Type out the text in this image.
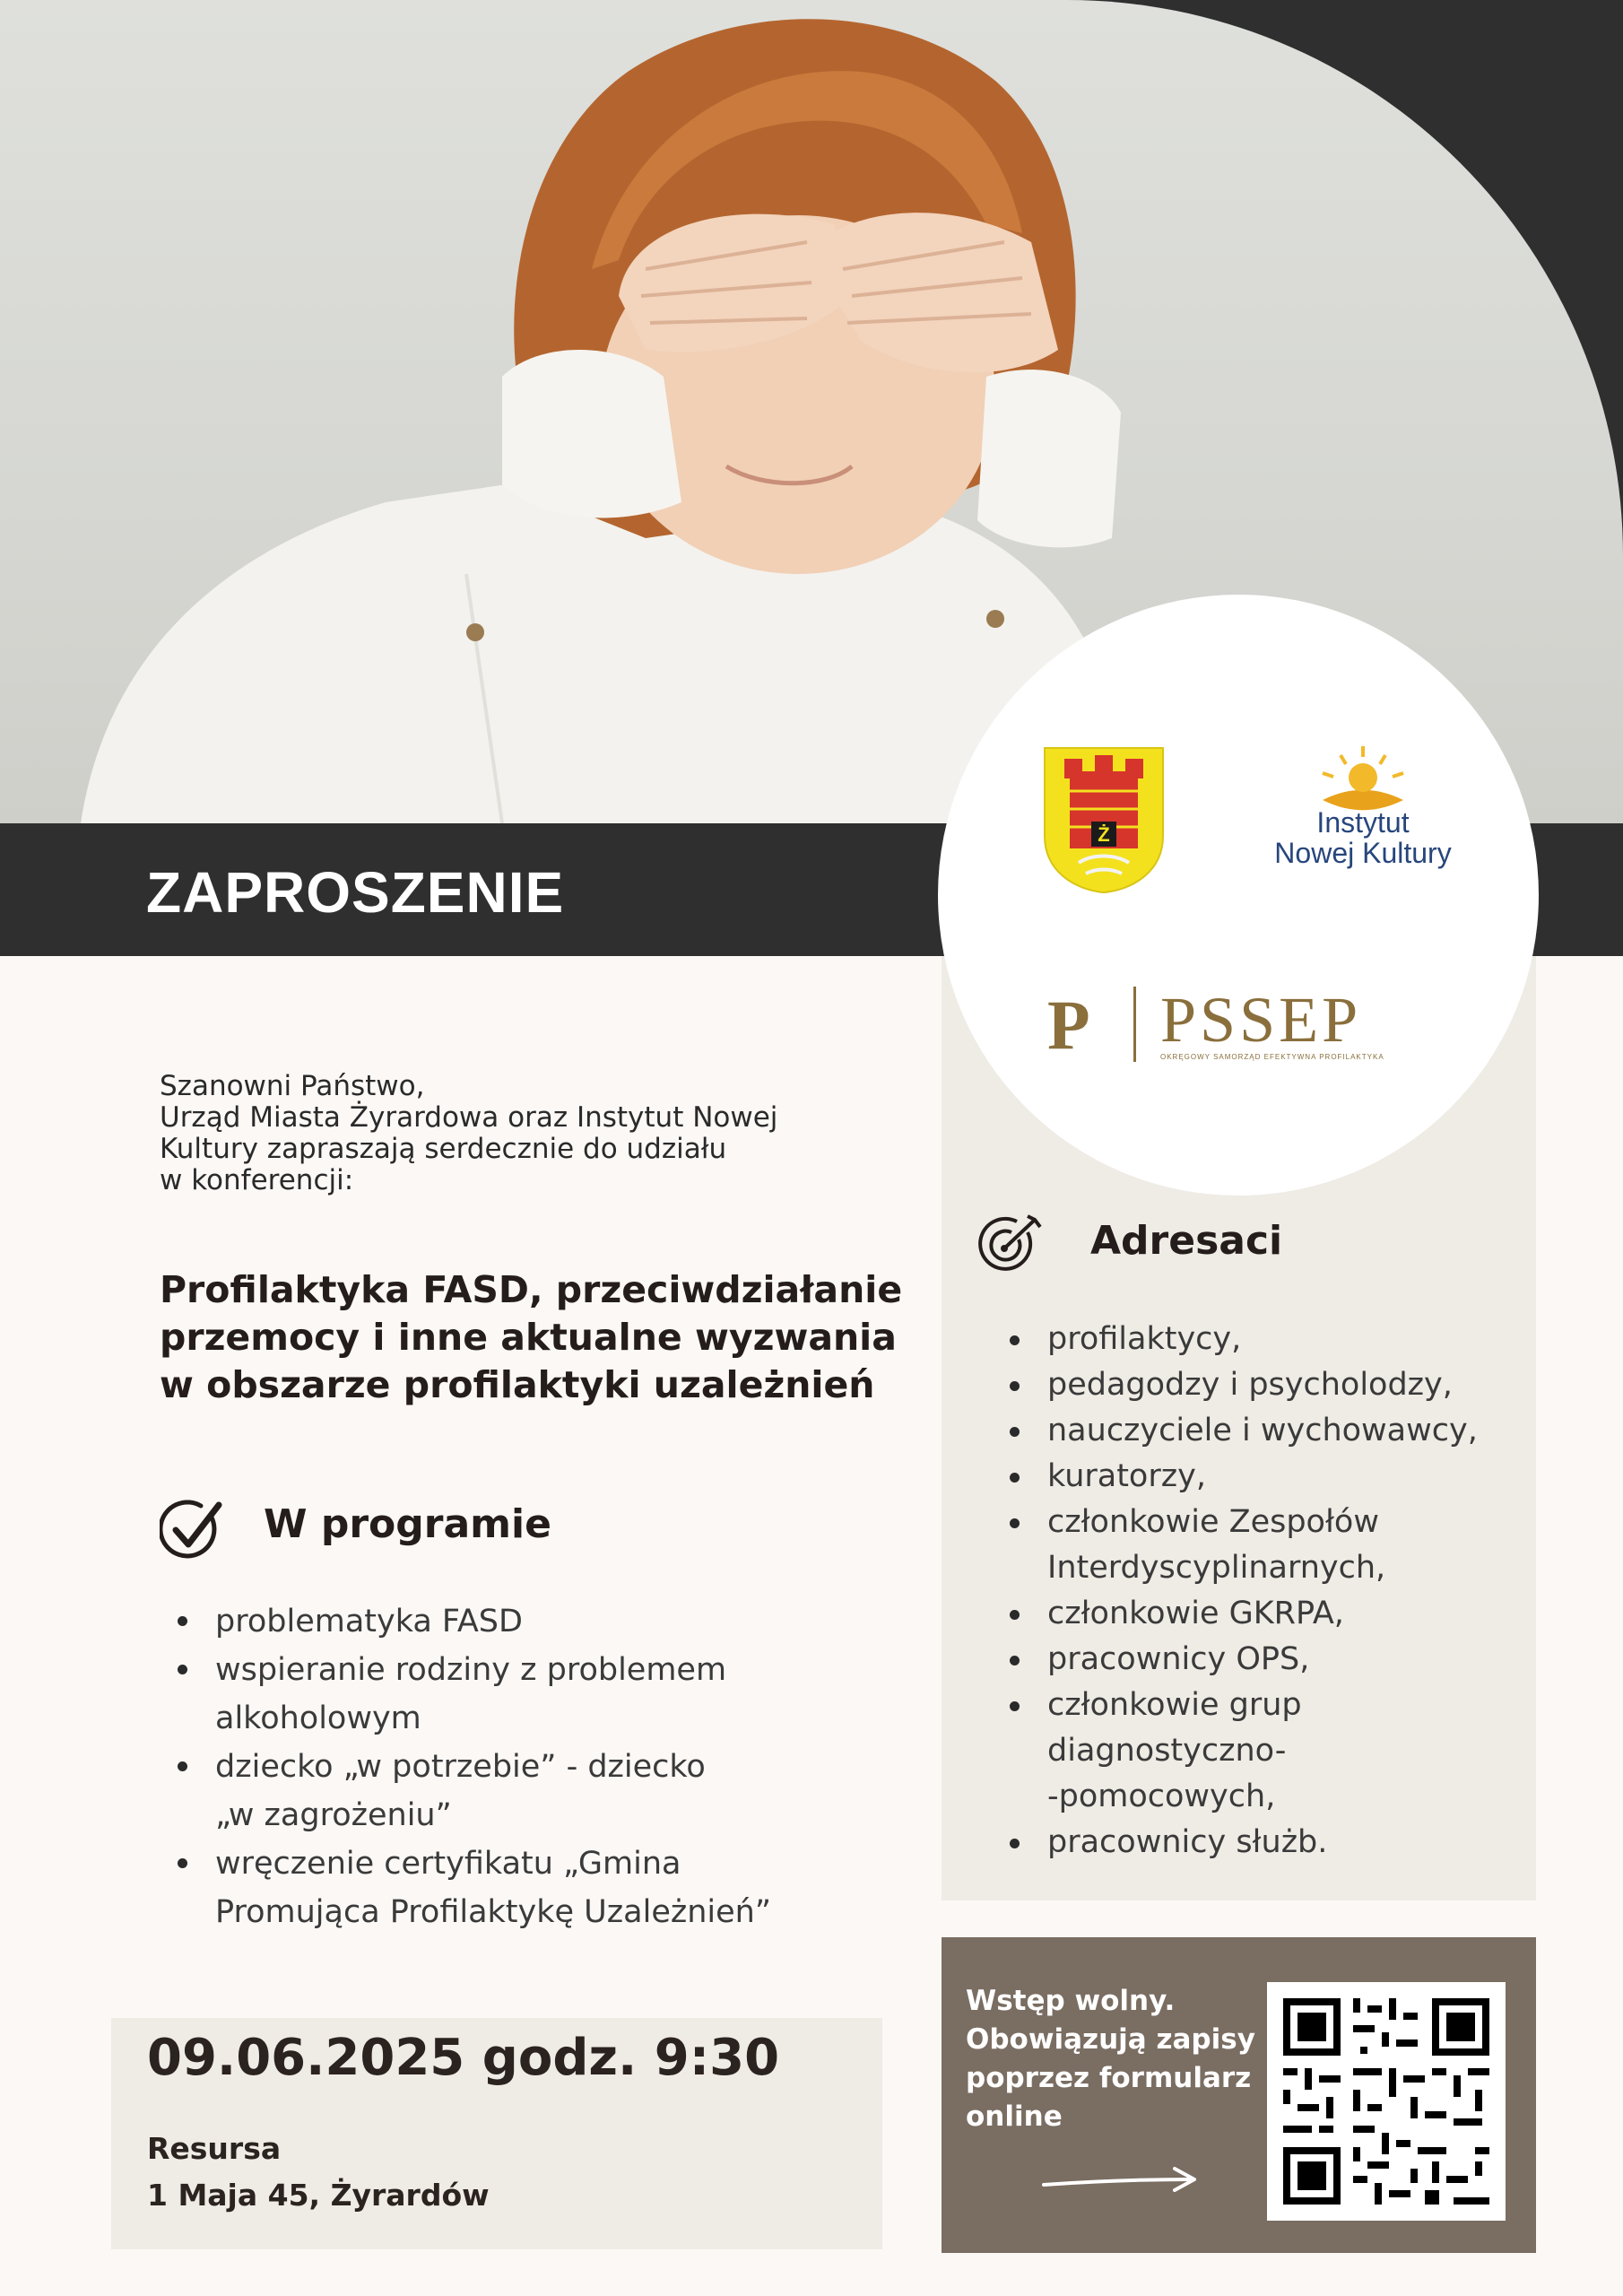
ZAPROSZENIE
Ż	Instytut
Nowej Kultury
P PSSEP
OKRĘGOWY SAMORZĄD EFEKTYWNA PROFILAKTYKA
Szanowni Państwo,
Urząd Miasta Żyrardowa oraz Instytut Nowej
Kultury zapraszają serdecznie do udziału
w konferencji:
Profilaktyka FASD, przeciwdziałanie
przemocy i inne aktualne wyzwania
w obszarze profilaktyki uzależnień
W programie
problematyka FASD
wspieranie rodziny z problemem
alkoholowym
dziecko „w potrzebie” - dziecko
„w zagrożeniu”
wręczenie certyfikatu „Gmina
Promująca Profilaktykę Uzależnień”
Adresaci
profilaktycy,
pedagodzy i psycholodzy,
nauczyciele i wychowawcy,
kuratorzy,
członkowie Zespołów
Interdyscyplinarnych,
członkowie GKRPA,
pracownicy OPS,
członkowie grup
diagnostyczno-
-pomocowych,
pracownicy służb.
09.06.2025 godz. 9:30
Resursa
1 Maja 45, Żyrardów
Wstęp wolny.
Obowiązują zapisy
poprzez formularz
online
